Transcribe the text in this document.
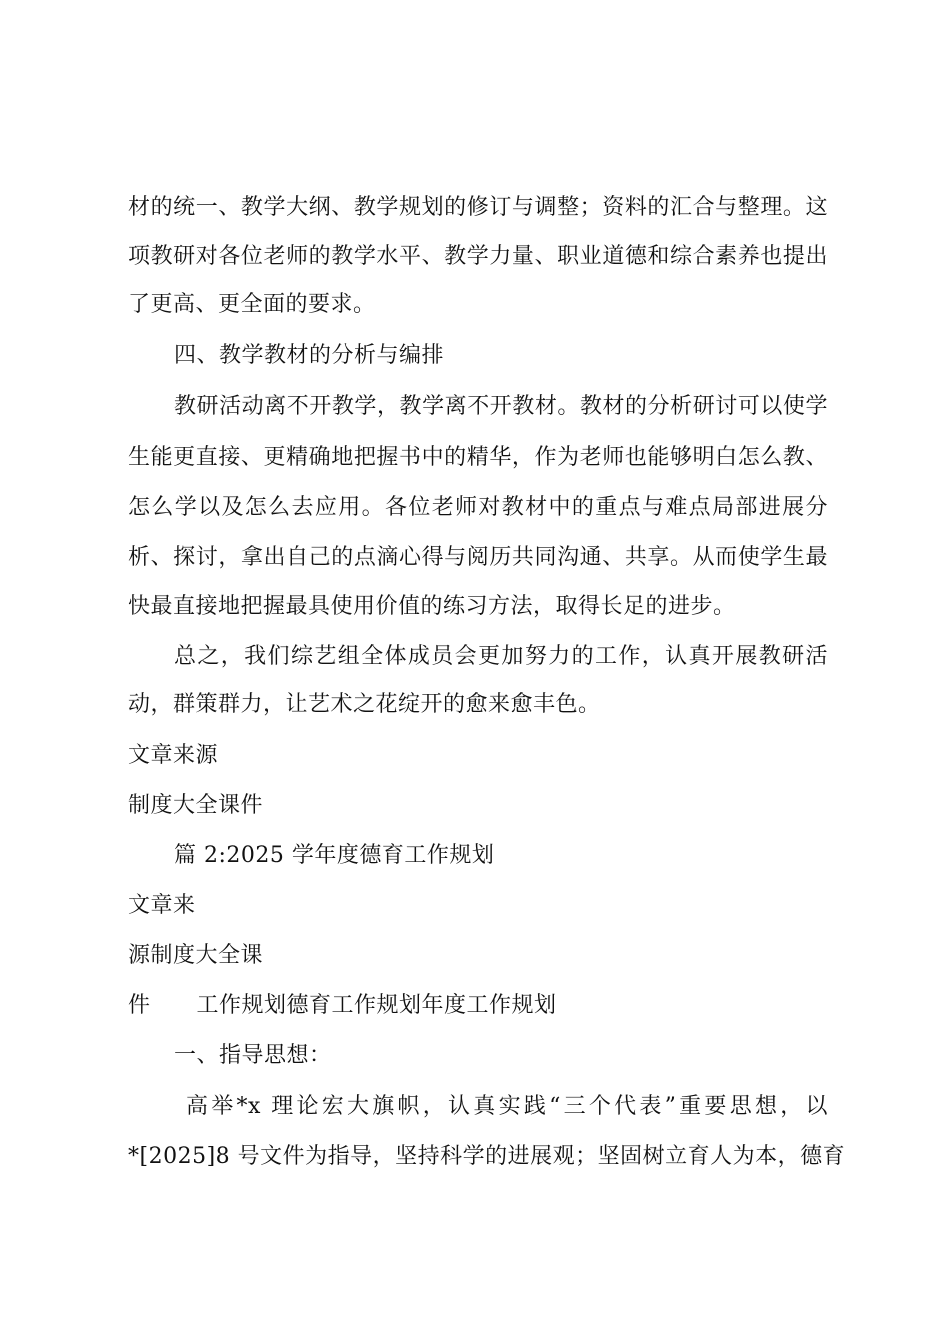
材的统一、教学大纲、教学规划的修订与调整；资料的汇合与整理。这
项教研对各位老师的教学水平、教学力量、职业道德和综合素养也提出
了更高、更全面的要求。
四、教学教材的分析与编排
教研活动离不开教学，教学离不开教材。教材的分析研讨可以使学
生能更直接、更精确地把握书中的精华，作为老师也能够明白怎么教、
怎么学以及怎么去应用。各位老师对教材中的重点与难点局部进展分
析、探讨，拿出自己的点滴心得与阅历共同沟通、共享。从而使学生最
快最直接地把握最具使用价值的练习方法，取得长足的进步。
总之，我们综艺组全体成员会更加努力的工作，认真开展教研活
动，群策群力，让艺术之花绽开的愈来愈丰色。
文章来源
制度大全课件
篇 2:2025 学年度德育工作规划
文章来
源制度大全课
件 工作规划德育工作规划年度工作规划
一、指导思想：
高举*x 理论宏大旗帜，认真实践“三个代表”重要思想，以
*[2025]8 号文件为指导，坚持科学的进展观；坚固树立育人为本，德育
